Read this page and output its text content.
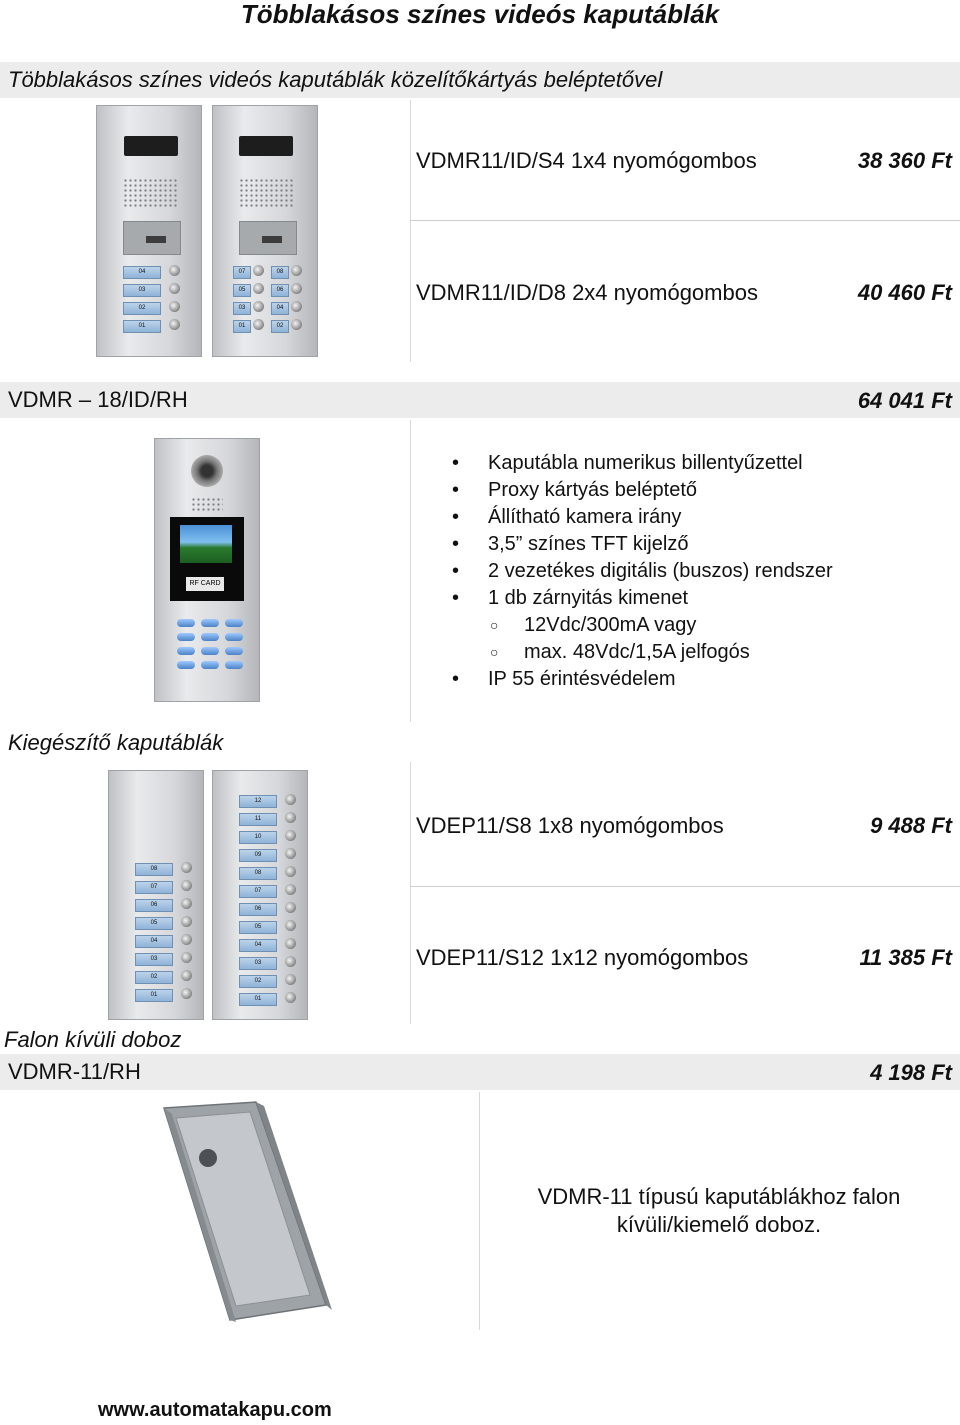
Többlakásos színes videós kaputáblák
Többlakásos színes videós kaputáblák közelítőkártyás beléptetővel
04
03
02
01
07	08
05	06
03	04
01	02
VDMR11/ID/S4 1x4 nyomógombos	38 360 Ft
VDMR11/ID/D8 2x4 nyomógombos	40 460 Ft
VDMR – 18/ID/RH	64 041 Ft
RF CARD
• Kaputábla numerikus billentyűzettel
• Proxy kártyás beléptető
• Állítható kamera irány
• 3,5” színes TFT kijelző
• 2 vezetékes digitális (buszos) rendszer
• 1 db zárnyitás kimenet
○ 12Vdc/300mA vagy
○ max. 48Vdc/1,5A jelfogós
• IP 55 érintésvédelem
Kiegészítő kaputáblák
08
07
06
05
04
03
02
01
12
11
10
09
08
07
06
05
04
03
02
01
VDEP11/S8 1x8 nyomógombos	9 488 Ft
VDEP11/S12 1x12 nyomógombos	11 385 Ft
Falon kívüli doboz
VDMR-11/RH	4 198 Ft
VDMR-11 típusú kaputáblákhoz falon
kívüli/kiemelő doboz.
www.automatakapu.com
